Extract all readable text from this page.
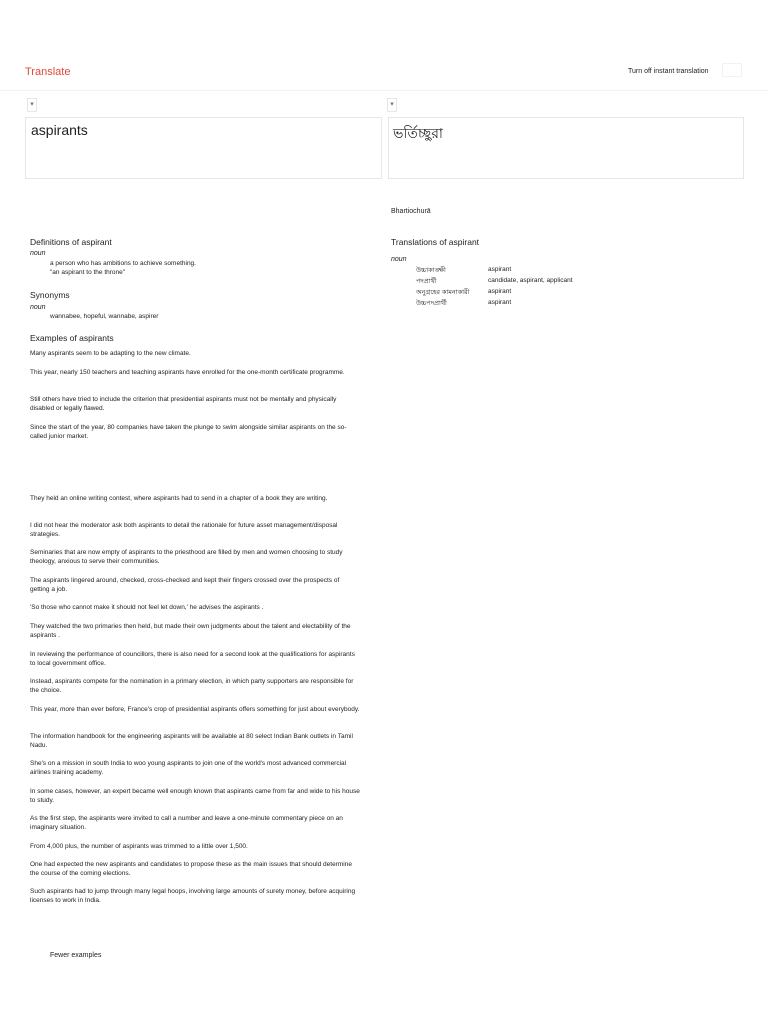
Translate	Turn off instant translation
▾
aspirants
▾
ভর্তিচ্ছুরা
Bhartiochurā
Definitions of aspirant
noun
a person who has ambitions to achieve something.
"an aspirant to the throne"
Synonyms
noun
wannabee, hopeful, wannabe, aspirer
Examples of aspirants
Many aspirants seem to be adapting to the new climate.
This year, nearly 150 teachers and teaching aspirants have enrolled for the one-month certificate programme.
Still others have tried to include the criterion that presidential aspirants must not be mentally and physically disabled or legally flawed.
Since the start of the year, 80 companies have taken the plunge to swim alongside similar aspirants on the so-called junior market.
They held an online writing contest, where aspirants had to send in a chapter of a book they are writing.
I did not hear the moderator ask both aspirants to detail the rationale for future asset management/disposal strategies.
Seminaries that are now empty of aspirants to the priesthood are filled by men and women choosing to study theology, anxious to serve their communities.
The aspirants lingered around, checked, cross-checked and kept their fingers crossed over the prospects of getting a job.
'So those who cannot make it should not feel let down,' he advises the aspirants .
They watched the two primaries then held, but made their own judgments about the talent and electability of the aspirants .
In reviewing the performance of councillors, there is also need for a second look at the qualifications for aspirants to local government office.
Instead, aspirants compete for the nomination in a primary election, in which party supporters are responsible for the choice.
This year, more than ever before, France's crop of presidential aspirants offers something for just about everybody.
The information handbook for the engineering aspirants will be available at 80 select Indian Bank outlets in Tamil Nadu.
She's on a mission in south India to woo young aspirants to join one of the world's most advanced commercial airlines training academy.
In some cases, however, an expert became well enough known that aspirants came from far and wide to his house to study.
As the first step, the aspirants were invited to call a number and leave a one-minute commentary piece on an imaginary situation.
From 4,000 plus, the number of aspirants was trimmed to a little over 1,500.
One had expected the new aspirants and candidates to propose these as the main issues that should determine the course of the coming elections.
Such aspirants had to jump through many legal hoops, involving large amounts of surety money, before acquiring licenses to work in India.
Fewer examples
Translations of aspirant
noun
উচ্চাকাঙ্ক্ষী	aspirant
পদপ্রার্থী	candidate, aspirant, applicant
অনুগ্রহের কামনাকারী	aspirant
উচ্চপদপ্রার্থী	aspirant
